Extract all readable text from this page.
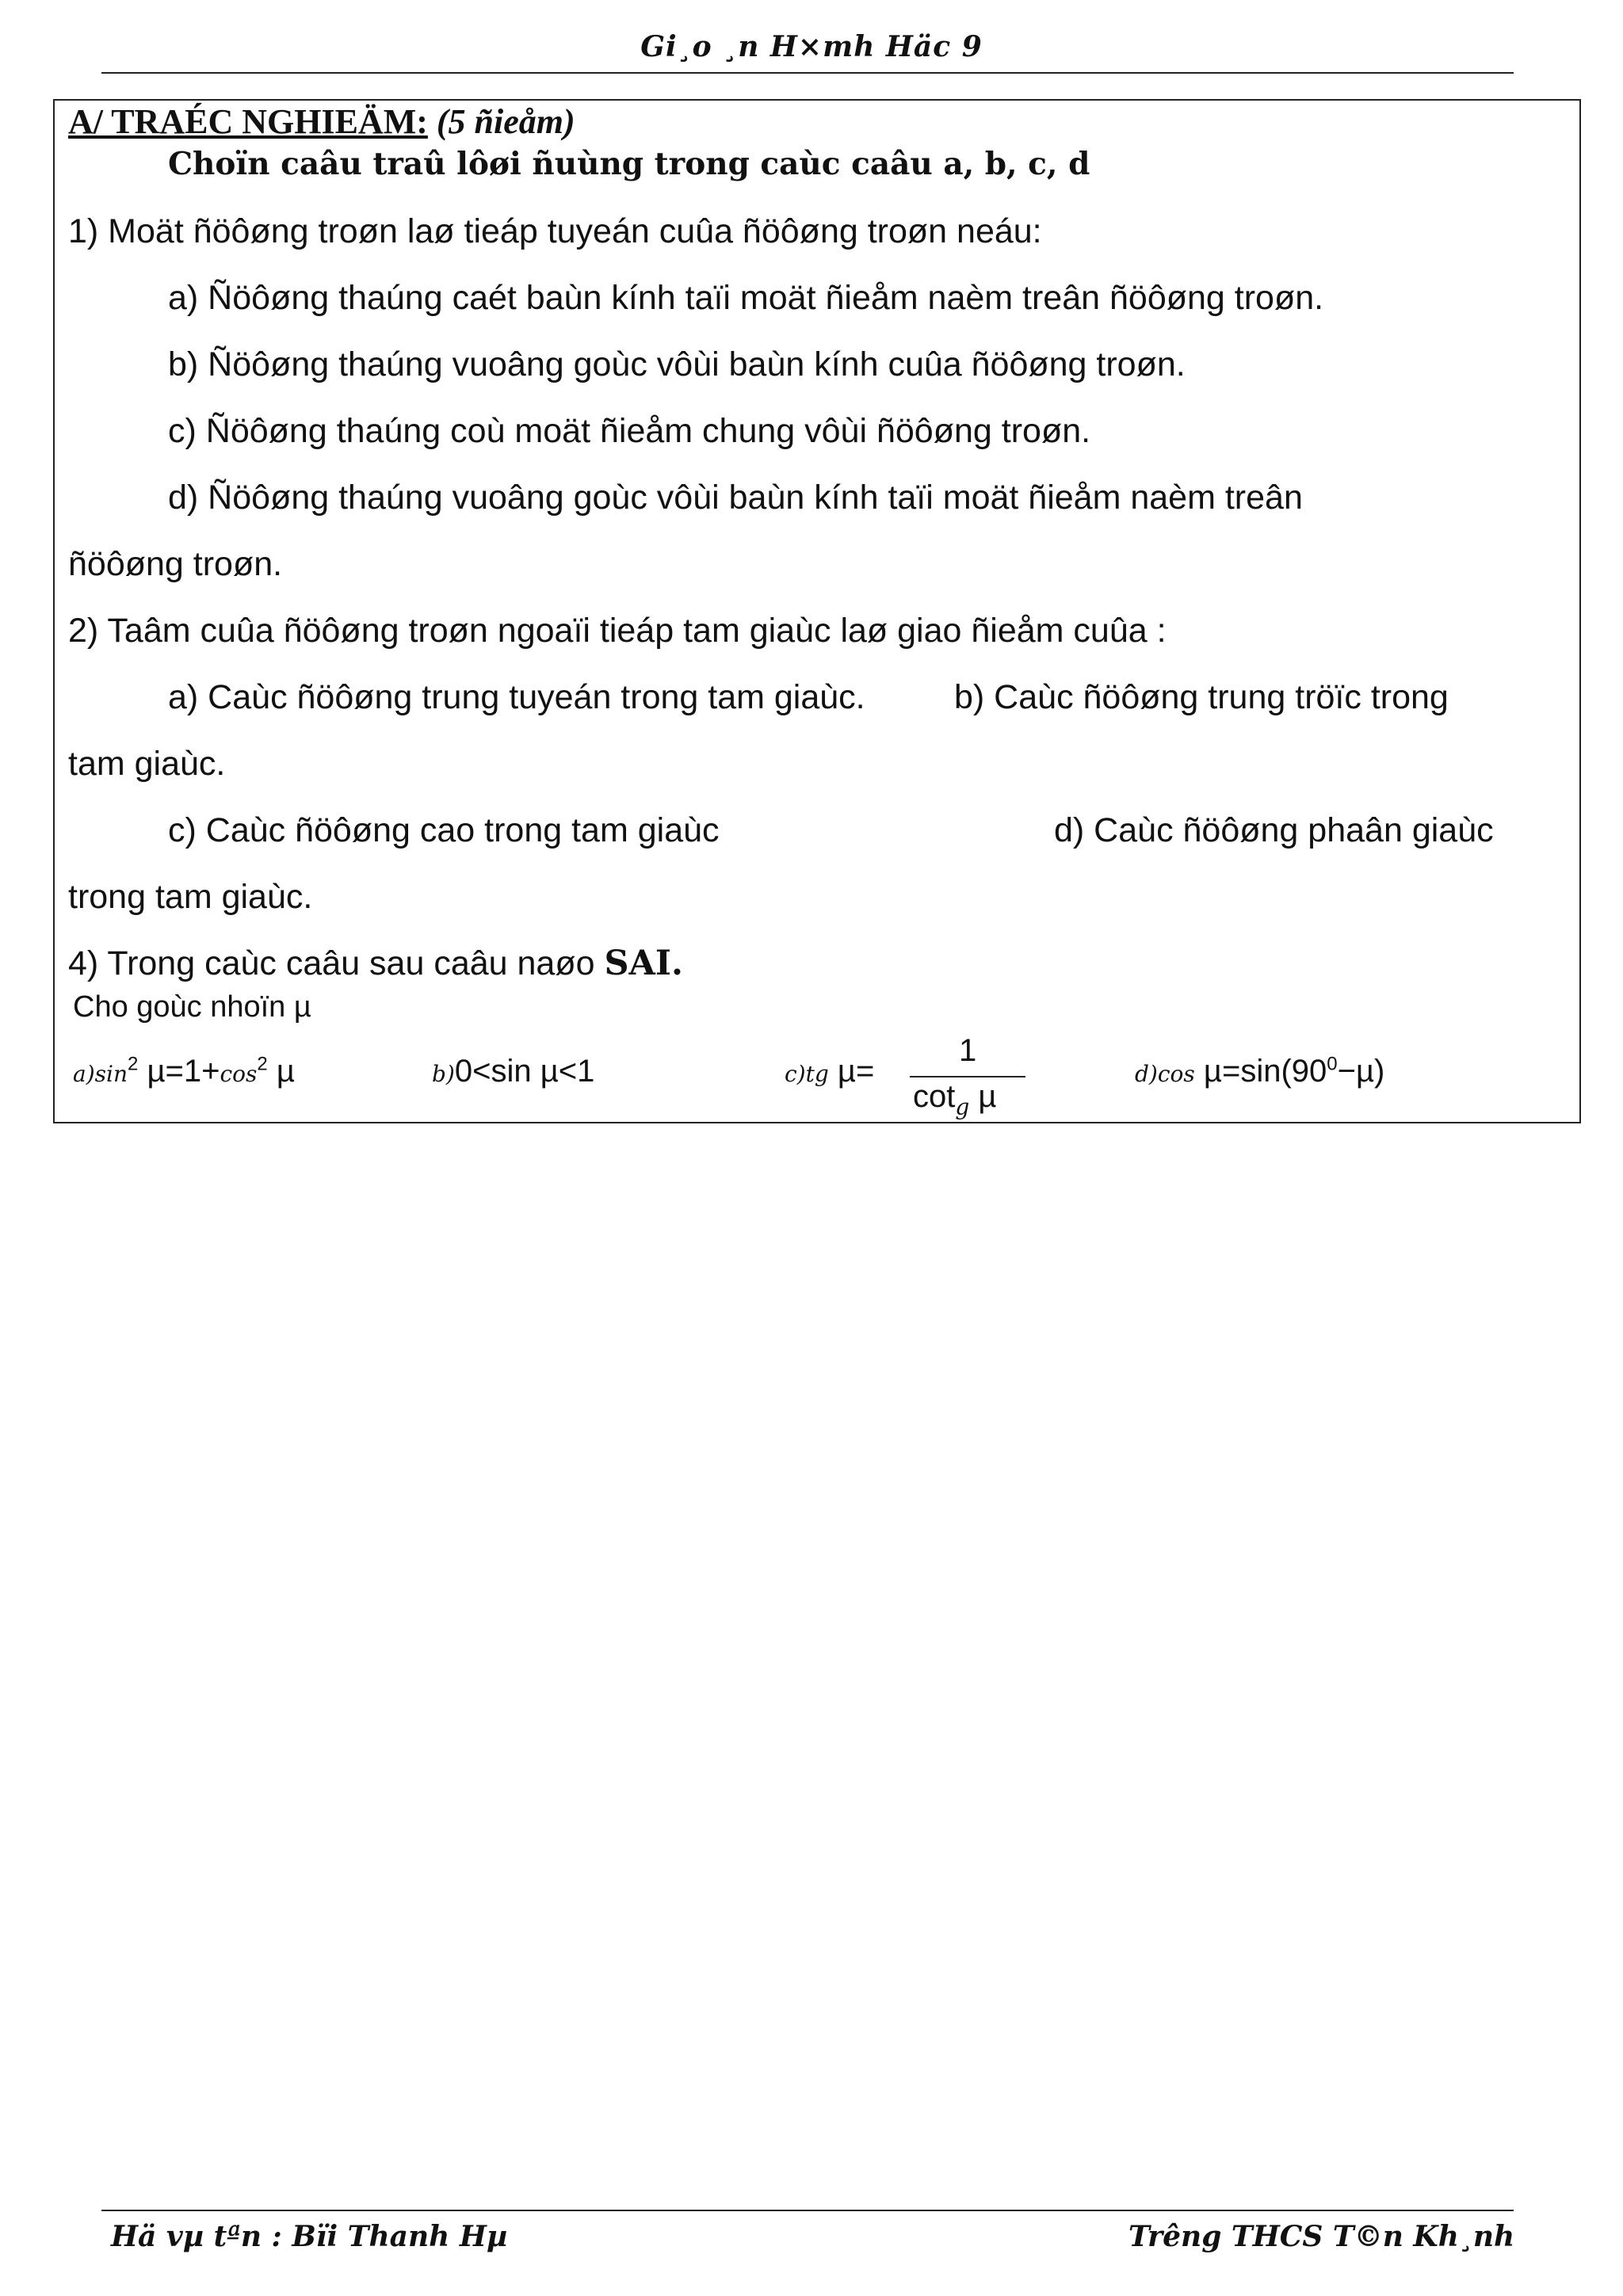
Gi¸o ¸n H×mh Häc 9
A/ TRAÉC NGHIEÄM: (5 ñieåm)
Choïn caâu traû lôøi ñuùng trong caùc caâu a, b, c, d
1) Moät ñöôøng troøn laø tieáp tuyeán cuûa ñöôøng troøn neáu:
a) Ñöôøng thaúng caét baùn kính taïi moät ñieåm naèm treân ñöôøng troøn.
b) Ñöôøng thaúng vuoâng goùc vôùi baùn kính cuûa ñöôøng troøn.
c) Ñöôøng thaúng coù moät ñieåm chung vôùi ñöôøng troøn.
d) Ñöôøng thaúng vuoâng goùc vôùi baùn kính taïi moät ñieåm naèm treân
ñöôøng troøn.
2) Taâm cuûa ñöôøng troøn ngoaïi tieáp tam giaùc laø giao ñieåm cuûa :
a) Caùc ñöôøng trung tuyeán trong tam giaùc.	b) Caùc ñöôøng trung tröïc trong
tam giaùc.
c) Caùc ñöôøng cao trong tam giaùc	d) Caùc ñöôøng phaân giaùc
trong tam giaùc.
4) Trong caùc caâu sau caâu naøo SAI.
Cho goùc nhoïn µ
$a)\sin^2$ $\mu=1+\cos^2$ µ	b)0<sin µ<1	c)tg µ=
1
$\cot_g \mu$
d)cos $\mu=\sin(90^0-\mu)$
Hä vµ tªn : Bïi Thanh Hµ	Trêng THCS T©n Kh¸nh
